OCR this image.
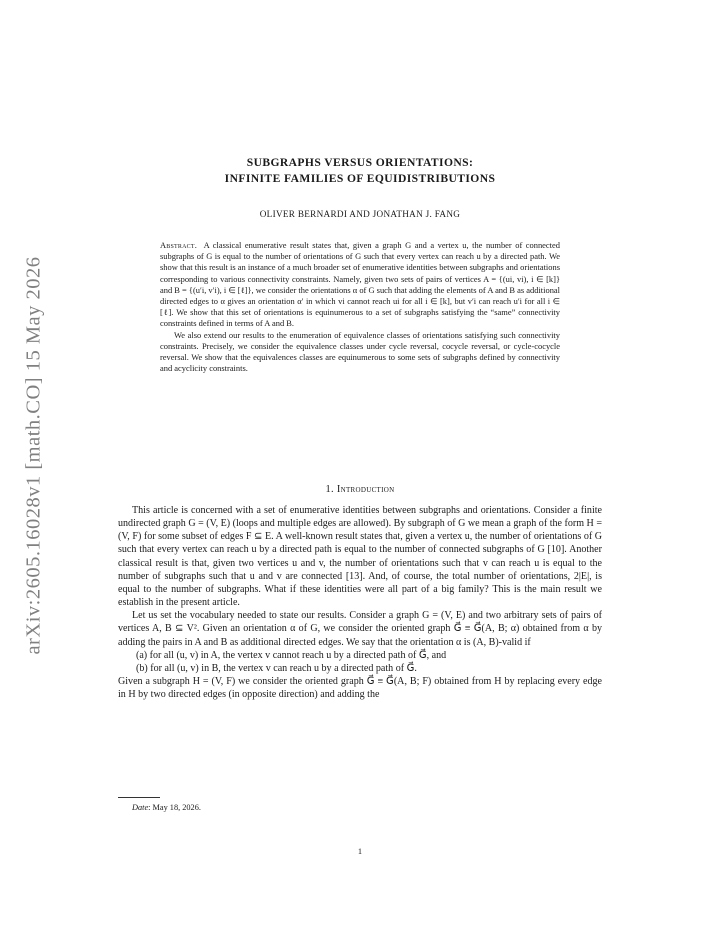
arXiv:2605.16028v1 [math.CO] 15 May 2026
SUBGRAPHS VERSUS ORIENTATIONS:
INFINITE FAMILIES OF EQUIDISTRIBUTIONS
OLIVER BERNARDI AND JONATHAN J. FANG

Abstract. A classical enumerative result states that, given a graph G and a vertex u, the number of connected subgraphs of G is equal to the number of orientations of G such that every vertex can reach u by a directed path. We show that this result is an instance of a much broader set of enumerative identities between subgraphs and orientations corresponding to various connectivity constraints. Namely, given two sets of pairs of vertices A = {(ui, vi), i ∈ [k]} and B = {(u′i, v′i), i ∈ [ℓ]}, we consider the orientations α of G such that adding the elements of A and B as additional directed edges to α gives an orientation α′ in which vi cannot reach ui for all i ∈ [k], but v′i can reach u′i for all i ∈ [ℓ]. We show that this set of orientations is equinumerous to a set of subgraphs satisfying the “same” connectivity constraints defined in terms of A and B.

We also extend our results to the enumeration of equivalence classes of orientations satisfying such connectivity constraints. Precisely, we consider the equivalence classes under cycle reversal, cocycle reversal, or cycle-cocycle reversal. We show that the equivalences classes are equinumerous to some sets of subgraphs defined by connectivity and acyclicity constraints.

1. Introduction

This article is concerned with a set of enumerative identities between subgraphs and orientations. Consider a finite undirected graph G = (V, E) (loops and multiple edges are allowed). By subgraph of G we mean a graph of the form H = (V, F) for some subset of edges F ⊆ E. A well-known result states that, given a vertex u, the number of orientations of G such that every vertex can reach u by a directed path is equal to the number of connected subgraphs of G [10]. Another classical result is that, given two vertices u and v, the number of orientations such that v can reach u is equal to the number of subgraphs such that u and v are connected [13]. And, of course, the total number of orientations, 2|E|, is equal to the number of subgraphs. What if these identities were all part of a big family? This is the main result we establish in the present article.

Let us set the vocabulary needed to state our results. Consider a graph G = (V, E) and two arbitrary sets of pairs of vertices A, B ⊆ V². Given an orientation α of G, we consider the oriented graph G⃗ ≡ G⃗(A, B; α) obtained from α by adding the pairs in A and B as additional directed edges. We say that the orientation α is (A, B)-valid if

(a) for all (u, v) in A, the vertex v cannot reach u by a directed path of G⃗, and

(b) for all (u, v) in B, the vertex v can reach u by a directed path of G⃗.

Given a subgraph H = (V, F) we consider the oriented graph G⃗ ≡ G⃗(A, B; F) obtained from H by replacing every edge in H by two directed edges (in opposite direction) and adding the

Date: May 18, 2026.
1
